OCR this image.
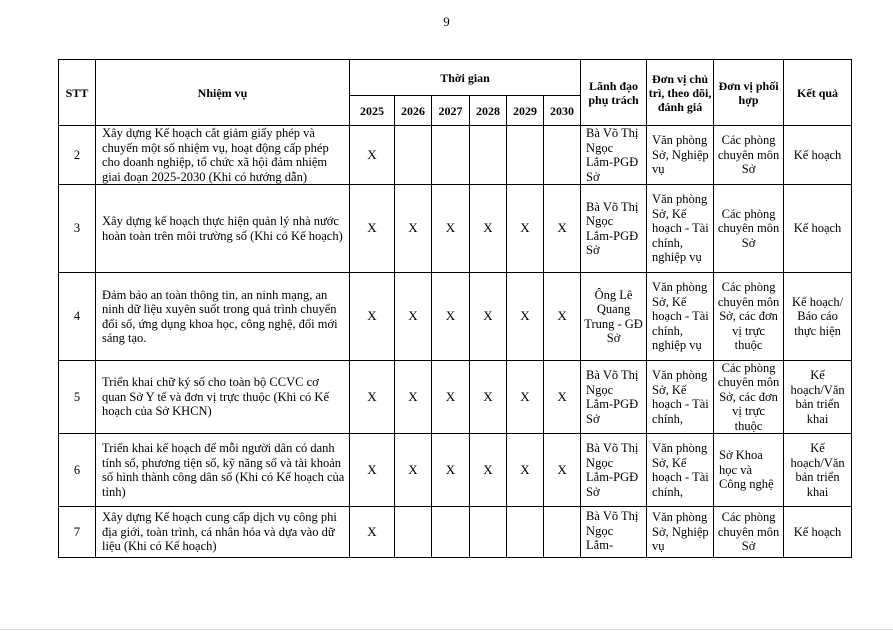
9
STT	Nhiệm vụ	Thời gian						Lãnh đạo phụ trách	Đơn vị chủ trì, theo dõi, đánh giá	Đơn vị phối hợp	Kết quả
		2025	2026	2027	2028	2029	2030				
2	Xây dựng Kế hoạch cắt giảm giấy phép và chuyển một số nhiệm vụ, hoạt động cấp phép cho doanh nghiệp, tổ chức xã hội đảm nhiệm giai đoạn 2025-2030 (Khi có hướng dẫn)	X						Bà Võ Thị Ngọc Lắm-PGĐ Sở	Văn phòng Sở, Nghiệp vụ	Các phòng chuyên môn Sở	Kế hoạch

3	Xây dựng kế hoạch thực hiện quản lý nhà nước hoàn toàn trên môi trường số (Khi có Kế hoạch)	X	X	X	X	X	X	Bà Võ Thị Ngọc Lắm-PGĐ Sở	Văn phòng Sở, Kế hoạch - Tài chính, nghiệp vụ	Các phòng chuyên môn Sở	Kế hoạch

4	Đảm bảo an toàn thông tin, an ninh mạng, an ninh dữ liệu xuyên suốt trong quá trình chuyển đổi số, ứng dụng khoa học, công nghệ, đổi mới sáng tạo.	X	X	X	X	X	X	Ông Lê Quang Trung - GĐ Sở	Văn phòng Sở, Kế hoạch - Tài chính, nghiệp vụ	Các phòng chuyên môn Sở, các đơn vị trực thuộc	Kế hoạch/ Báo cáo thực hiện

5	Triển khai chữ ký số cho toàn bộ CCVC cơ quan Sở Y tế và đơn vị trực thuộc (Khi có Kế hoạch của Sở KHCN)	X	X	X	X	X	X	Bà Võ Thị Ngọc Lắm-PGĐ Sở	Văn phòng Sở, Kế hoạch - Tài chính,	Các phòng chuyên môn Sở, các đơn vị trực thuộc	Kế hoạch/Văn bản triển khai

6	Triển khai kế hoạch để mỗi người dân có danh tính số, phương tiện số, kỹ năng số và tài khoản số hình thành công dân số (Khi có Kế hoạch của tỉnh)	X	X	X	X	X	X	Bà Võ Thị Ngọc Lắm-PGĐ Sở	Văn phòng Sở, Kế hoạch - Tài chính,	Sở Khoa học và Công nghệ	Kế hoạch/Văn bản triển khai

7	Xây dựng Kế hoạch cung cấp dịch vụ công phi địa giới, toàn trình, cá nhân hóa và dựa vào dữ liệu (Khi có Kế hoạch)	X						Bà Võ Thị Ngọc Lắm-	Văn phòng Sở, Nghiệp vụ	Các phòng chuyên môn Sở	Kế hoạch
